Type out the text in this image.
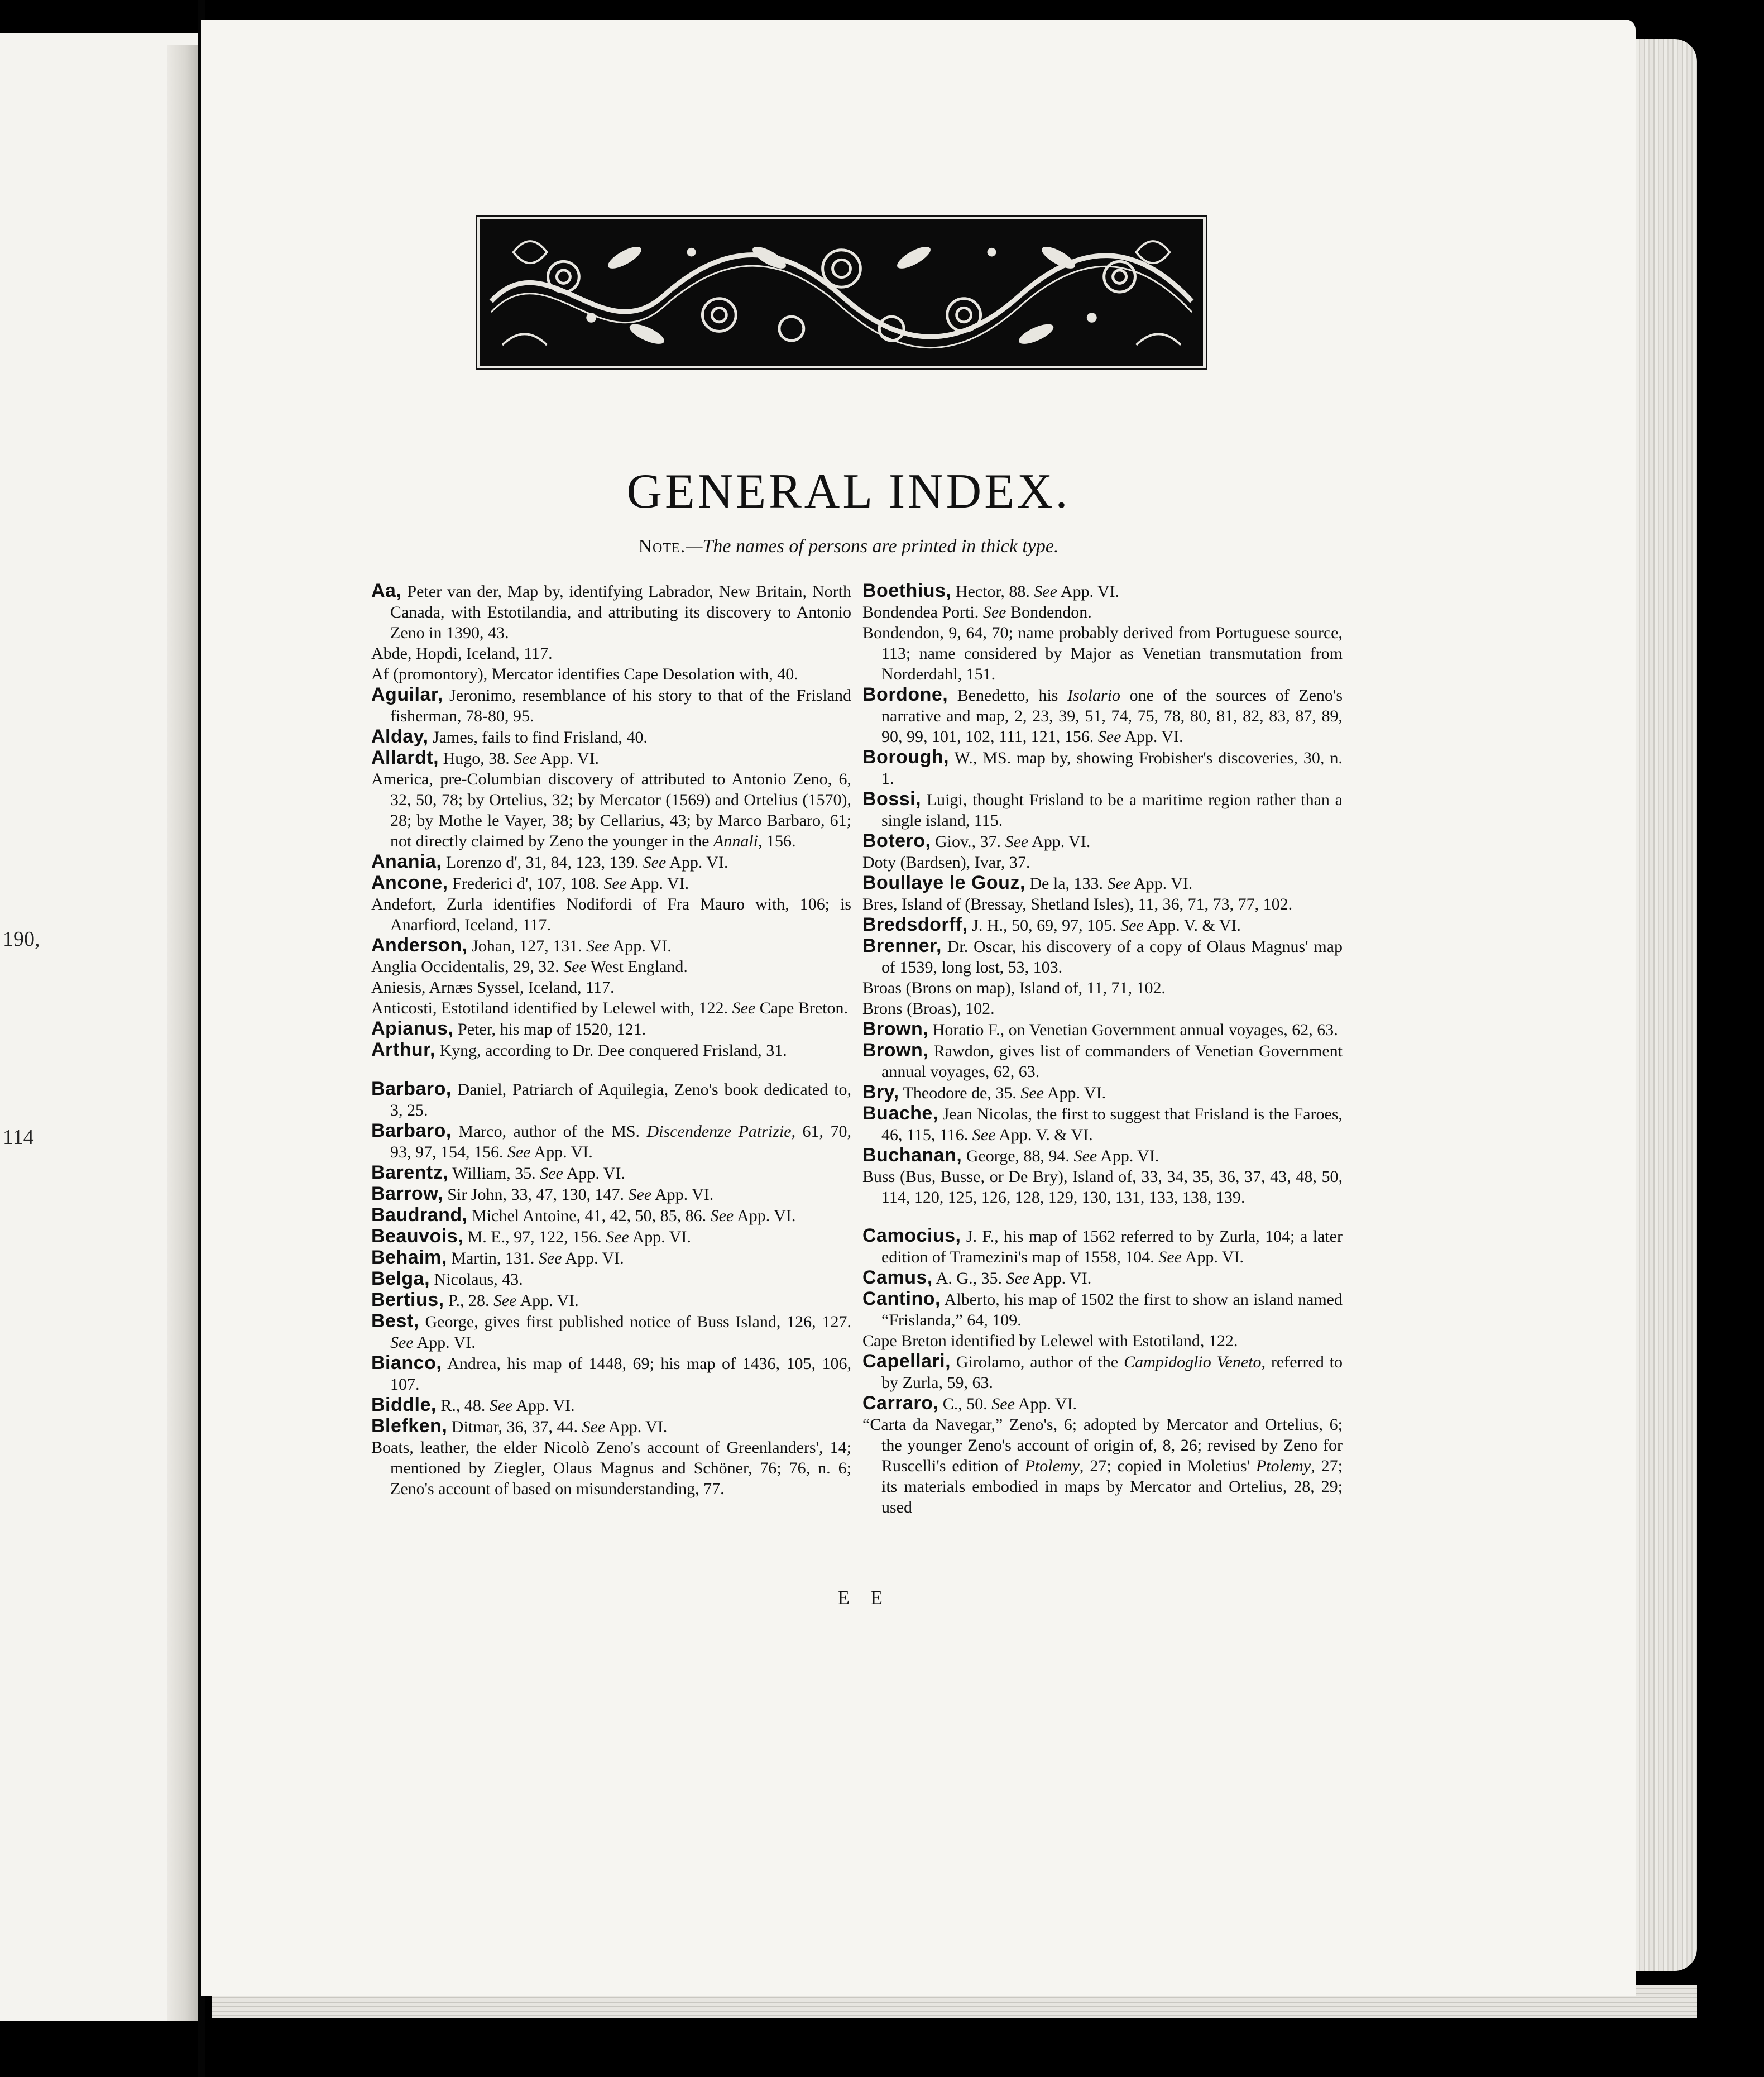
190,
114
GENERAL INDEX.
Note.—The names of persons are printed in thick type.

Aa, Peter van der, Map by, identifying Labrador, New Britain, North Canada, with Estotilandia, and attributing its discovery to Antonio Zeno in 1390, 43.

Abde, Hopdi, Iceland, 117.

Af (promontory), Mercator identifies Cape Desolation with, 40.

Aguilar, Jeronimo, resemblance of his story to that of the Frisland fisherman, 78-80, 95.

Alday, James, fails to find Frisland, 40.

Allardt, Hugo, 38. See App. VI.

America, pre-Columbian discovery of attributed to Antonio Zeno, 6, 32, 50, 78; by Ortelius, 32; by Mercator (1569) and Ortelius (1570), 28; by Mothe le Vayer, 38; by Cellarius, 43; by Marco Barbaro, 61; not directly claimed by Zeno the younger in the Annali, 156.

Anania, Lorenzo d', 31, 84, 123, 139. See App. VI.

Ancone, Frederici d', 107, 108. See App. VI.

Andefort, Zurla identifies Nodifordi of Fra Mauro with, 106; is Anarfiord, Iceland, 117.

Anderson, Johan, 127, 131. See App. VI.

Anglia Occidentalis, 29, 32. See West England.

Aniesis, Arnæs Syssel, Iceland, 117.

Anticosti, Estotiland identified by Lelewel with, 122. See Cape Breton.

Apianus, Peter, his map of 1520, 121.

Arthur, Kyng, according to Dr. Dee conquered Frisland, 31.

Barbaro, Daniel, Patriarch of Aquilegia, Zeno's book dedicated to, 3, 25.

Barbaro, Marco, author of the MS. Discendenze Patrizie, 61, 70, 93, 97, 154, 156. See App. VI.

Barentz, William, 35. See App. VI.

Barrow, Sir John, 33, 47, 130, 147. See App. VI.

Baudrand, Michel Antoine, 41, 42, 50, 85, 86. See App. VI.

Beauvois, M. E., 97, 122, 156. See App. VI.

Behaim, Martin, 131. See App. VI.

Belga, Nicolaus, 43.

Bertius, P., 28. See App. VI.

Best, George, gives first published notice of Buss Island, 126, 127. See App. VI.

Bianco, Andrea, his map of 1448, 69; his map of 1436, 105, 106, 107.

Biddle, R., 48. See App. VI.

Blefken, Ditmar, 36, 37, 44. See App. VI.

Boats, leather, the elder Nicolò Zeno's account of Greenlanders', 14; mentioned by Ziegler, Olaus Magnus and Schöner, 76; 76, n. 6; Zeno's account of based on misunderstanding, 77.

Boethius, Hector, 88. See App. VI.

Bondendea Porti. See Bondendon.

Bondendon, 9, 64, 70; name probably derived from Portuguese source, 113; name considered by Major as Venetian transmutation from Norderdahl, 151.

Bordone, Benedetto, his Isolario one of the sources of Zeno's narrative and map, 2, 23, 39, 51, 74, 75, 78, 80, 81, 82, 83, 87, 89, 90, 99, 101, 102, 111, 121, 156. See App. VI.

Borough, W., MS. map by, showing Frobisher's discoveries, 30, n. 1.

Bossi, Luigi, thought Frisland to be a maritime region rather than a single island, 115.

Botero, Giov., 37. See App. VI.

Doty (Bardsen), Ivar, 37.

Boullaye le Gouz, De la, 133. See App. VI.

Bres, Island of (Bressay, Shetland Isles), 11, 36, 71, 73, 77, 102.

Bredsdorff, J. H., 50, 69, 97, 105. See App. V. & VI.

Brenner, Dr. Oscar, his discovery of a copy of Olaus Magnus' map of 1539, long lost, 53, 103.

Broas (Brons on map), Island of, 11, 71, 102.

Brons (Broas), 102.

Brown, Horatio F., on Venetian Government annual voyages, 62, 63.

Brown, Rawdon, gives list of commanders of Venetian Government annual voyages, 62, 63.

Bry, Theodore de, 35. See App. VI.

Buache, Jean Nicolas, the first to suggest that Frisland is the Faroes, 46, 115, 116. See App. V. & VI.

Buchanan, George, 88, 94. See App. VI.

Buss (Bus, Busse, or De Bry), Island of, 33, 34, 35, 36, 37, 43, 48, 50, 114, 120, 125, 126, 128, 129, 130, 131, 133, 138, 139.

Camocius, J. F., his map of 1562 referred to by Zurla, 104; a later edition of Tramezini's map of 1558, 104. See App. VI.

Camus, A. G., 35. See App. VI.

Cantino, Alberto, his map of 1502 the first to show an island named “Frislanda,” 64, 109.

Cape Breton identified by Lelewel with Estotiland, 122.

Capellari, Girolamo, author of the Campidoglio Veneto, referred to by Zurla, 59, 63.

Carraro, C., 50. See App. VI.

“Carta da Navegar,” Zeno's, 6; adopted by Mercator and Ortelius, 6; the younger Zeno's account of origin of, 8, 26; revised by Zeno for Ruscelli's edition of Ptolemy, 27; copied in Moletius' Ptolemy, 27; its materials embodied in maps by Mercator and Ortelius, 28, 29; used

E E
